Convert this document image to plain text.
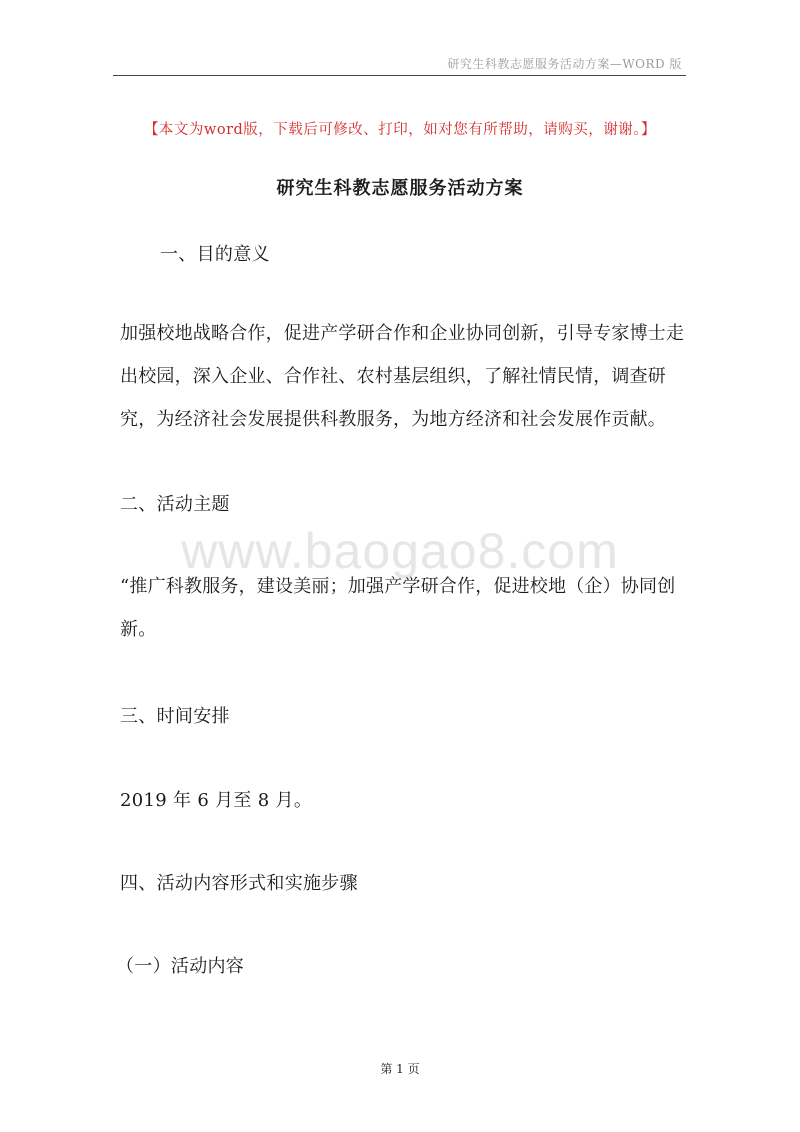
研究生科教志愿服务活动方案—WORD 版
【本文为word版，下载后可修改、打印，如对您有所帮助，请购买，谢谢。】
研究生科教志愿服务活动方案
一、目的意义
加强校地战略合作，促进产学研合作和企业协同创新，引导专家博士走出校园，深入企业、合作社、农村基层组织，了解社情民情，调查研究，为经济社会发展提供科教服务，为地方经济和社会发展作贡献。
二、活动主题
www.baogao8.com
“推广科教服务，建设美丽；加强产学研合作，促进校地（企）协同创新。
三、时间安排
2019 年 6 月至 8 月。
四、活动内容形式和实施步骤
（一）活动内容
第 1 页
